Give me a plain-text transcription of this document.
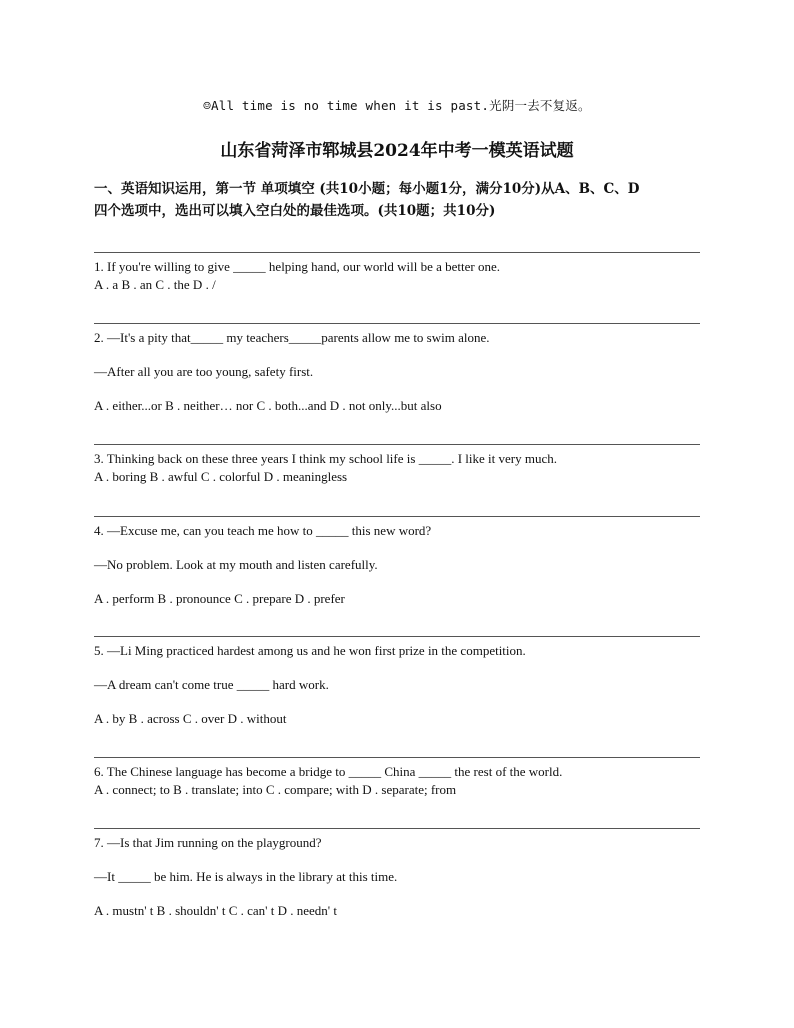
☺All time is no time when it is past.光阴一去不复返。
山东省菏泽市郓城县2024年中考一模英语试题
一、英语知识运用，第一节 单项填空 (共10小题；每小题1分，满分10分)从A、B、C、D
四个选项中，选出可以填入空白处的最佳选项。(共10题；共10分)
1. If you're willing to give _____ helping hand, our world will be a better one.
A . a B . an C . the D . /
2. —It's a pity that_____ my teachers_____parents allow me to swim alone.
—After all you are too young, safety first.
A . either...or B . neither… nor C . both...and D . not only...but also
3. Thinking back on these three years I think my school life is _____. I like it very much.
A . boring B . awful C . colorful D . meaningless
4. —Excuse me, can you teach me how to _____ this new word?
—No problem. Look at my mouth and listen carefully.
A . perform B . pronounce C . prepare D . prefer
5. —Li Ming practiced hardest among us and he won first prize in the competition.
—A dream can't come true _____ hard work.
A . by B . across C . over D . without
6. The Chinese language has become a bridge to _____ China _____ the rest of the world.
A . connect; to B . translate; into C . compare; with D . separate; from
7. —Is that Jim running on the playground?
—It _____ be him. He is always in the library at this time.
A . mustn' t B . shouldn' t C . can' t D . needn' t
